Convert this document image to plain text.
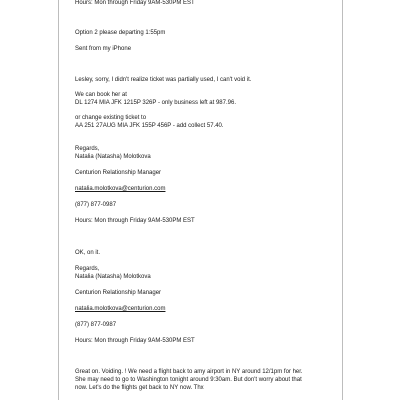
Hours: Mon through Friday 9AM-530PM EST
Option 2 please departing 1:55pm
Sent from my iPhone
Lesley, sorry, I didn't realize ticket was partially used, I can't void it.
We can book her at
DL 1274 MIA JFK 1215P 326P - only business left at 987.96.
or change existing ticket to
AA 251 27AUG MIA JFK 155P 456P - add collect 57.40.
Regards,
Natalia (Natasha) Molotkova
Centurion Relationship Manager
natalia.molotkova@centurion.com
(877) 877-0987
Hours: Mon through Friday 9AM-530PM EST
OK, on it.
Regards,
Natalia (Natasha) Molotkova
Centurion Relationship Manager
natalia.molotkova@centurion.com
(877) 877-0987
Hours: Mon through Friday 9AM-530PM EST
Great on. Voiding. ! We need a flight back to amy airport in NY around 12/1pm for her.
She may need to go to Washington tonight around 9:30am. But don't worry about that
now. Let's do the flights get back to NY now. Thx
